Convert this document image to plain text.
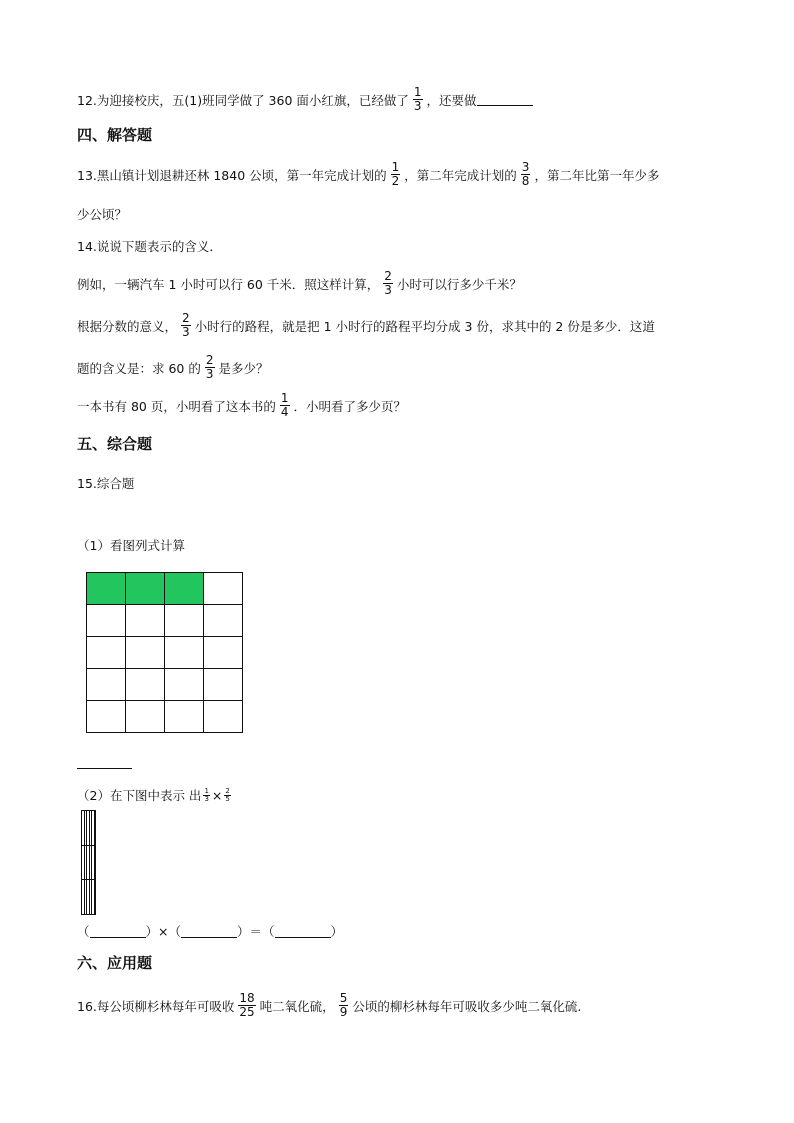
12.为迎接校庆，五(1)班同学做了 360 面小红旗，已经做了 $\frac{1}{3}$ ，还要做
四、解答题
13.黑山镇计划退耕还林 1840 公顷，第一年完成计划的 $\frac{1}{2}$ ，第二年完成计划的 $\frac{3}{8}$ ，第二年比第一年少多
少公顷？
14.说说下题表示的含义．
例如，一辆汽车 1 小时可以行 60 千米．照这样计算， $\frac{2}{3}$ 小时可以行多少千米？
根据分数的意义， $\frac{2}{3}$ 小时行的路程，就是把 1 小时行的路程平均分成 3 份，求其中的 2 份是多少．这道
题的含义是：求 60 的 $\frac{2}{3}$ 是多少？
一本书有 80 页，小明看了这本书的 $\frac{1}{4}$ ．小明看了多少页？
五、综合题
15.综合题
（1）看图列式计算
（2）在下图中表示 出 $\frac{1}{3} \times \frac{2}{5}$
（	）×（	）＝（	）
六、应用题
16.每公顷柳杉林每年可吸收 $\frac{18}{25}$ 吨二氧化硫， $\frac{5}{9}$ 公顷的柳杉林每年可吸收多少吨二氧化硫.
